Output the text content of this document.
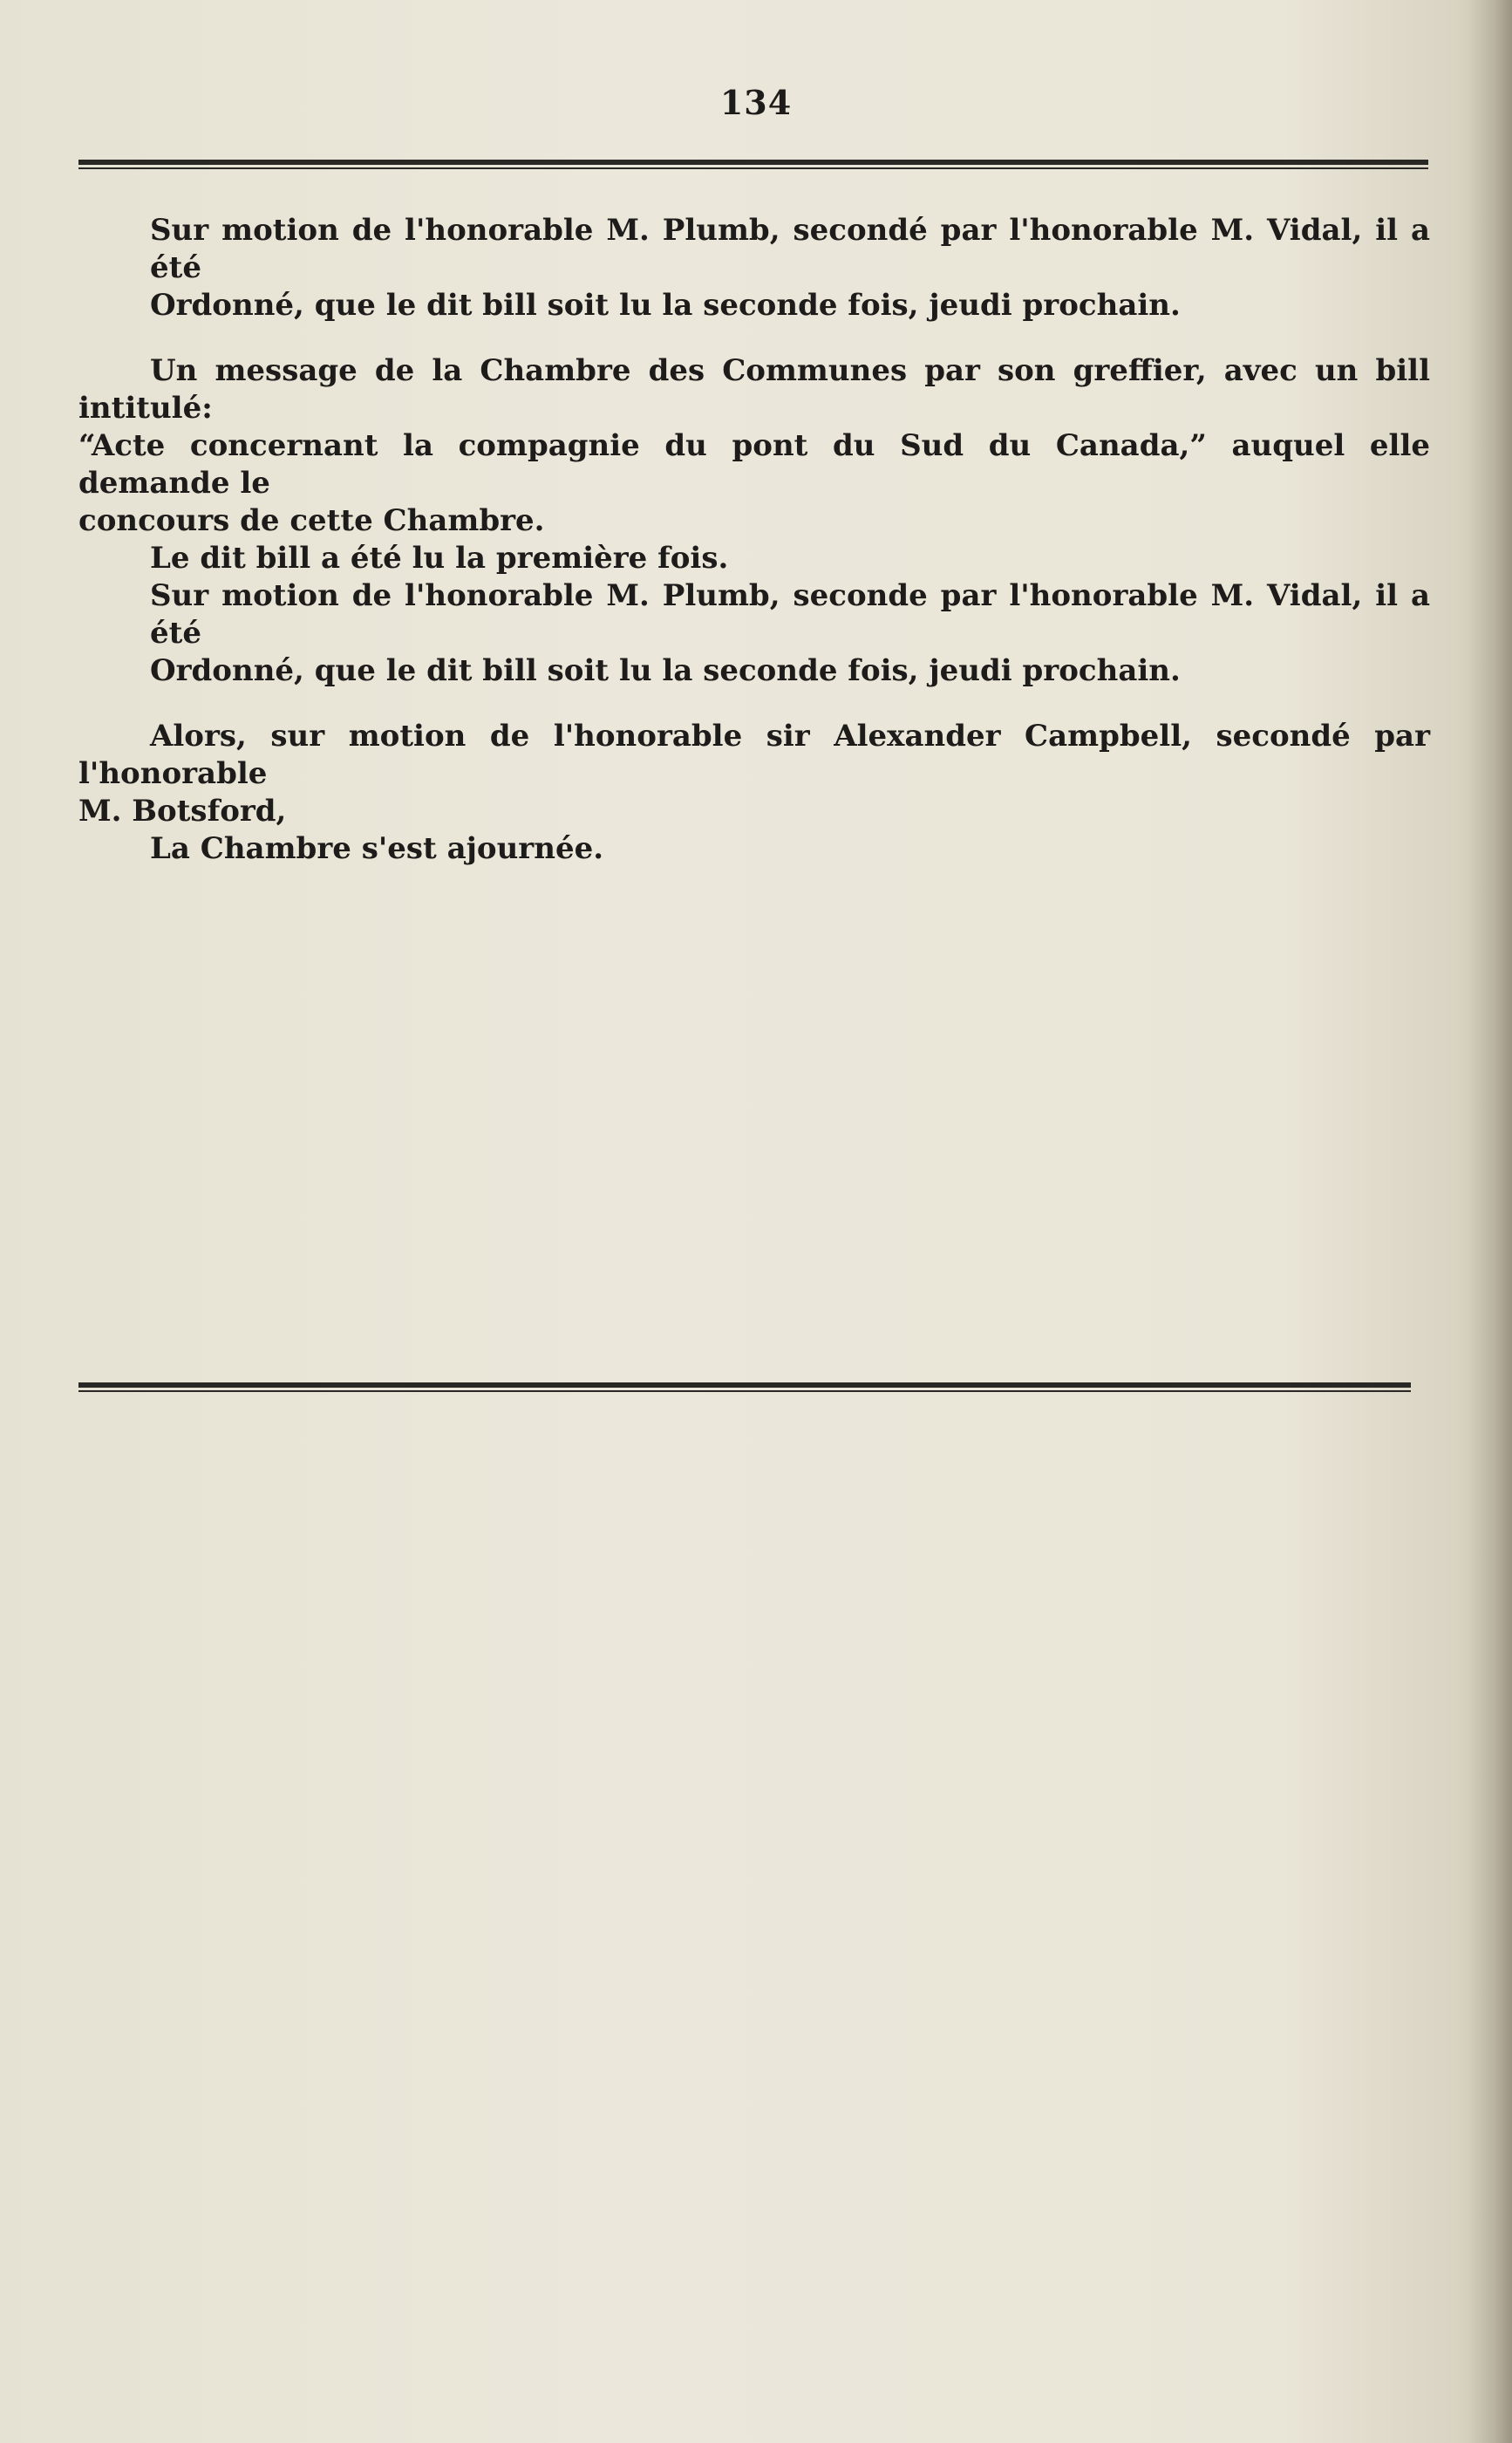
134

Sur motion de l'honorable M. Plumb, secondé par l'honorable M. Vidal, il a été
Ordonné, que le dit bill soit lu la seconde fois, jeudi prochain.

Un message de la Chambre des Communes par son greffier, avec un bill intitulé:
“Acte concernant la compagnie du pont du Sud du Canada,” auquel elle demande le
concours de cette Chambre.

Le dit bill a été lu la première fois.

Sur motion de l'honorable M. Plumb, seconde par l'honorable M. Vidal, il a été
Ordonné, que le dit bill soit lu la seconde fois, jeudi prochain.

Alors, sur motion de l'honorable sir Alexander Campbell, secondé par l'honorable
M. Botsford,

La Chambre s'est ajournée.
